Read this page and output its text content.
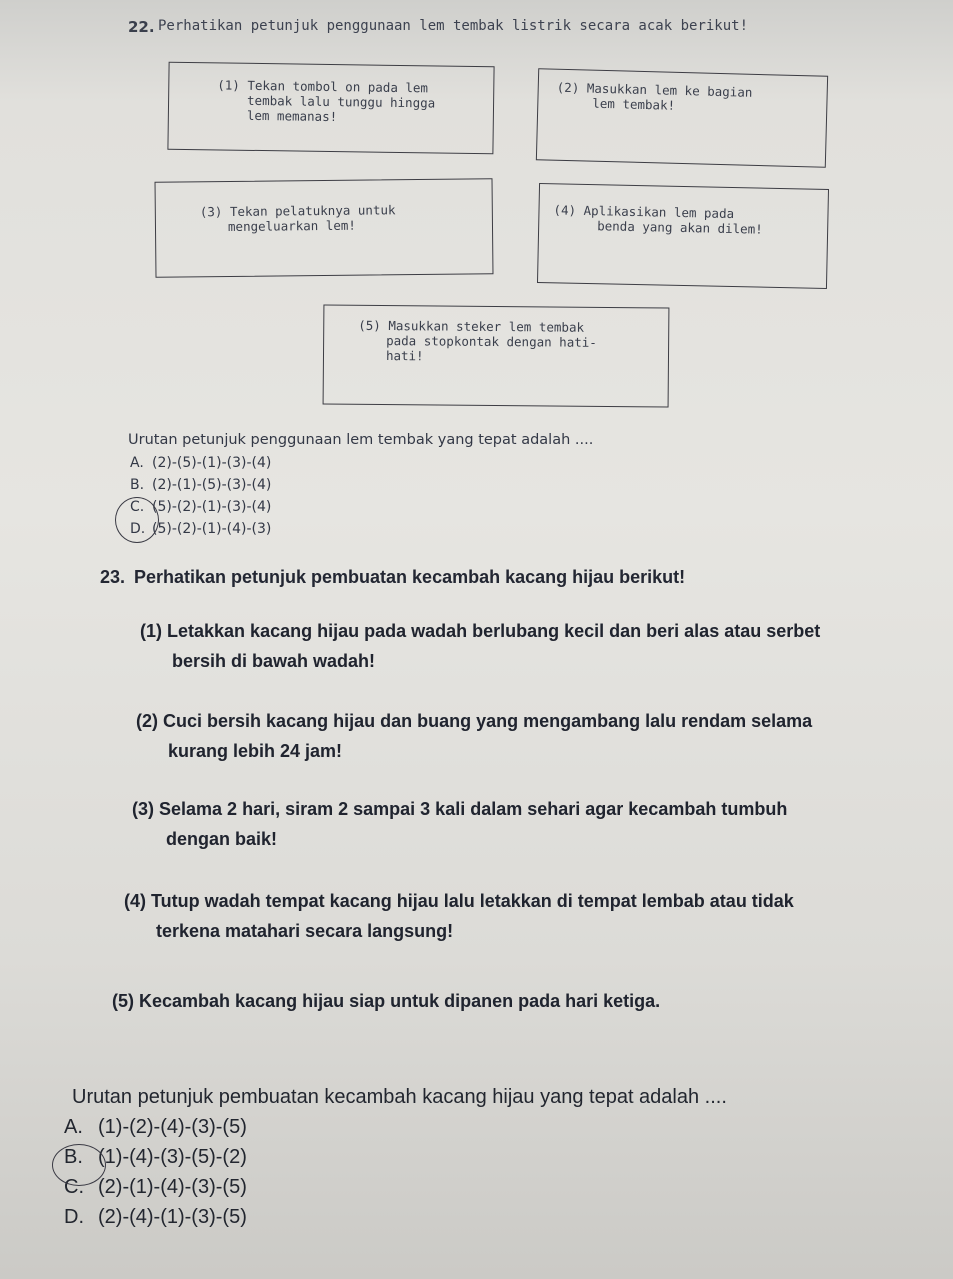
22. Perhatikan petunjuk penggunaan lem tembak listrik secara acak berikut!
(1) Tekan tombol on pada lem
tembak lalu tunggu hingga
lem memanas!
(2) Masukkan lem ke bagian
lem tembak!
(3) Tekan pelatuknya untuk
mengeluarkan lem!
(4) Aplikasikan lem pada
benda yang akan dilem!
(5) Masukkan steker lem tembak
pada stopkontak dengan hati-
hati!
Urutan petunjuk penggunaan lem tembak yang tepat adalah ....
A. (2)-(5)-(1)-(3)-(4)
B. (2)-(1)-(5)-(3)-(4)
C. (5)-(2)-(1)-(3)-(4)
D. (5)-(2)-(1)-(4)-(3)
23. Perhatikan petunjuk pembuatan kecambah kacang hijau berikut!
(1) Letakkan kacang hijau pada wadah berlubang kecil dan beri alas atau serbet
bersih di bawah wadah!
(2) Cuci bersih kacang hijau dan buang yang mengambang lalu rendam selama
kurang lebih 24 jam!
(3) Selama 2 hari, siram 2 sampai 3 kali dalam sehari agar kecambah tumbuh
dengan baik!
(4) Tutup wadah tempat kacang hijau lalu letakkan di tempat lembab atau tidak
terkena matahari secara langsung!
(5) Kecambah kacang hijau siap untuk dipanen pada hari ketiga.
Urutan petunjuk pembuatan kecambah kacang hijau yang tepat adalah ....
A. (1)-(2)-(4)-(3)-(5)
B. (1)-(4)-(3)-(5)-(2)
C. (2)-(1)-(4)-(3)-(5)
D. (2)-(4)-(1)-(3)-(5)
